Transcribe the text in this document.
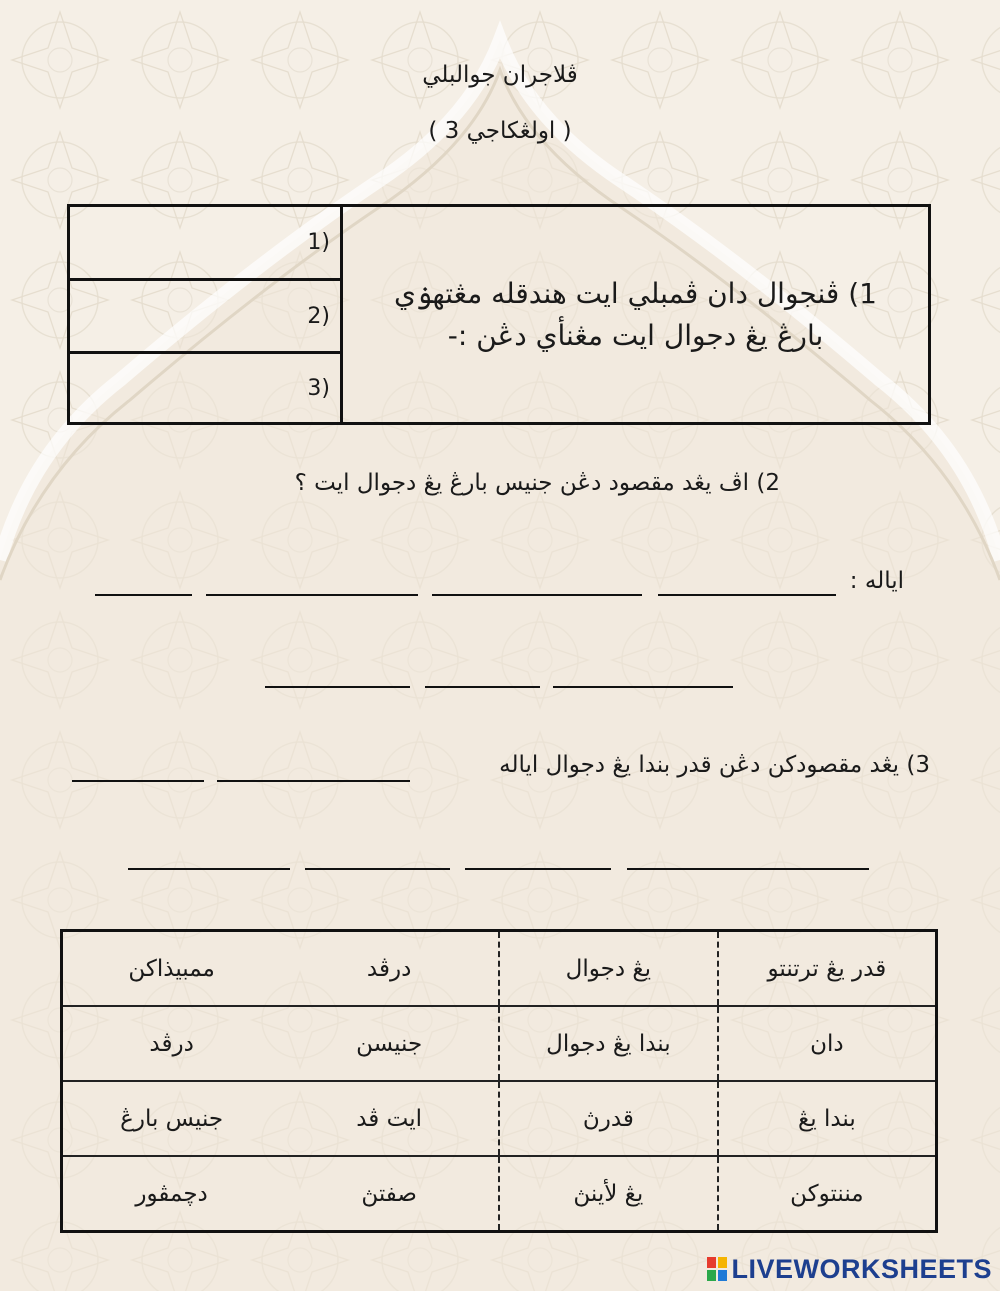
ڤلاجران جوالبلي
( اولڠکاجي 3 )
1)
2)
3)
1) ڤنجوال دان ڤمبلي ايت هندقله مڠتهۏي
بارڠ يڠ دجوال ايت مڠنأي دڠن :-
2) اڤ يڠد مقصود دڠن جنيس بارڠ يڠ دجوال ايت ؟
اياله :
3) يڠد مقصودکن دڠن قدر بندا يڠ دجوال اياله
قدر يڠ ترتنتو	يڠ دجوال	درڤد	ممبيذاکن
دان	بندا يڠ دجوال	جنيسن	درڤد
بندا يڠ	قدرڽ	ايت ڤد	جنيس بارڠ
مننتوکن	يڠ لأينڽ	صفتڽ	دچمڤور
LIVEWORKSHEETS
